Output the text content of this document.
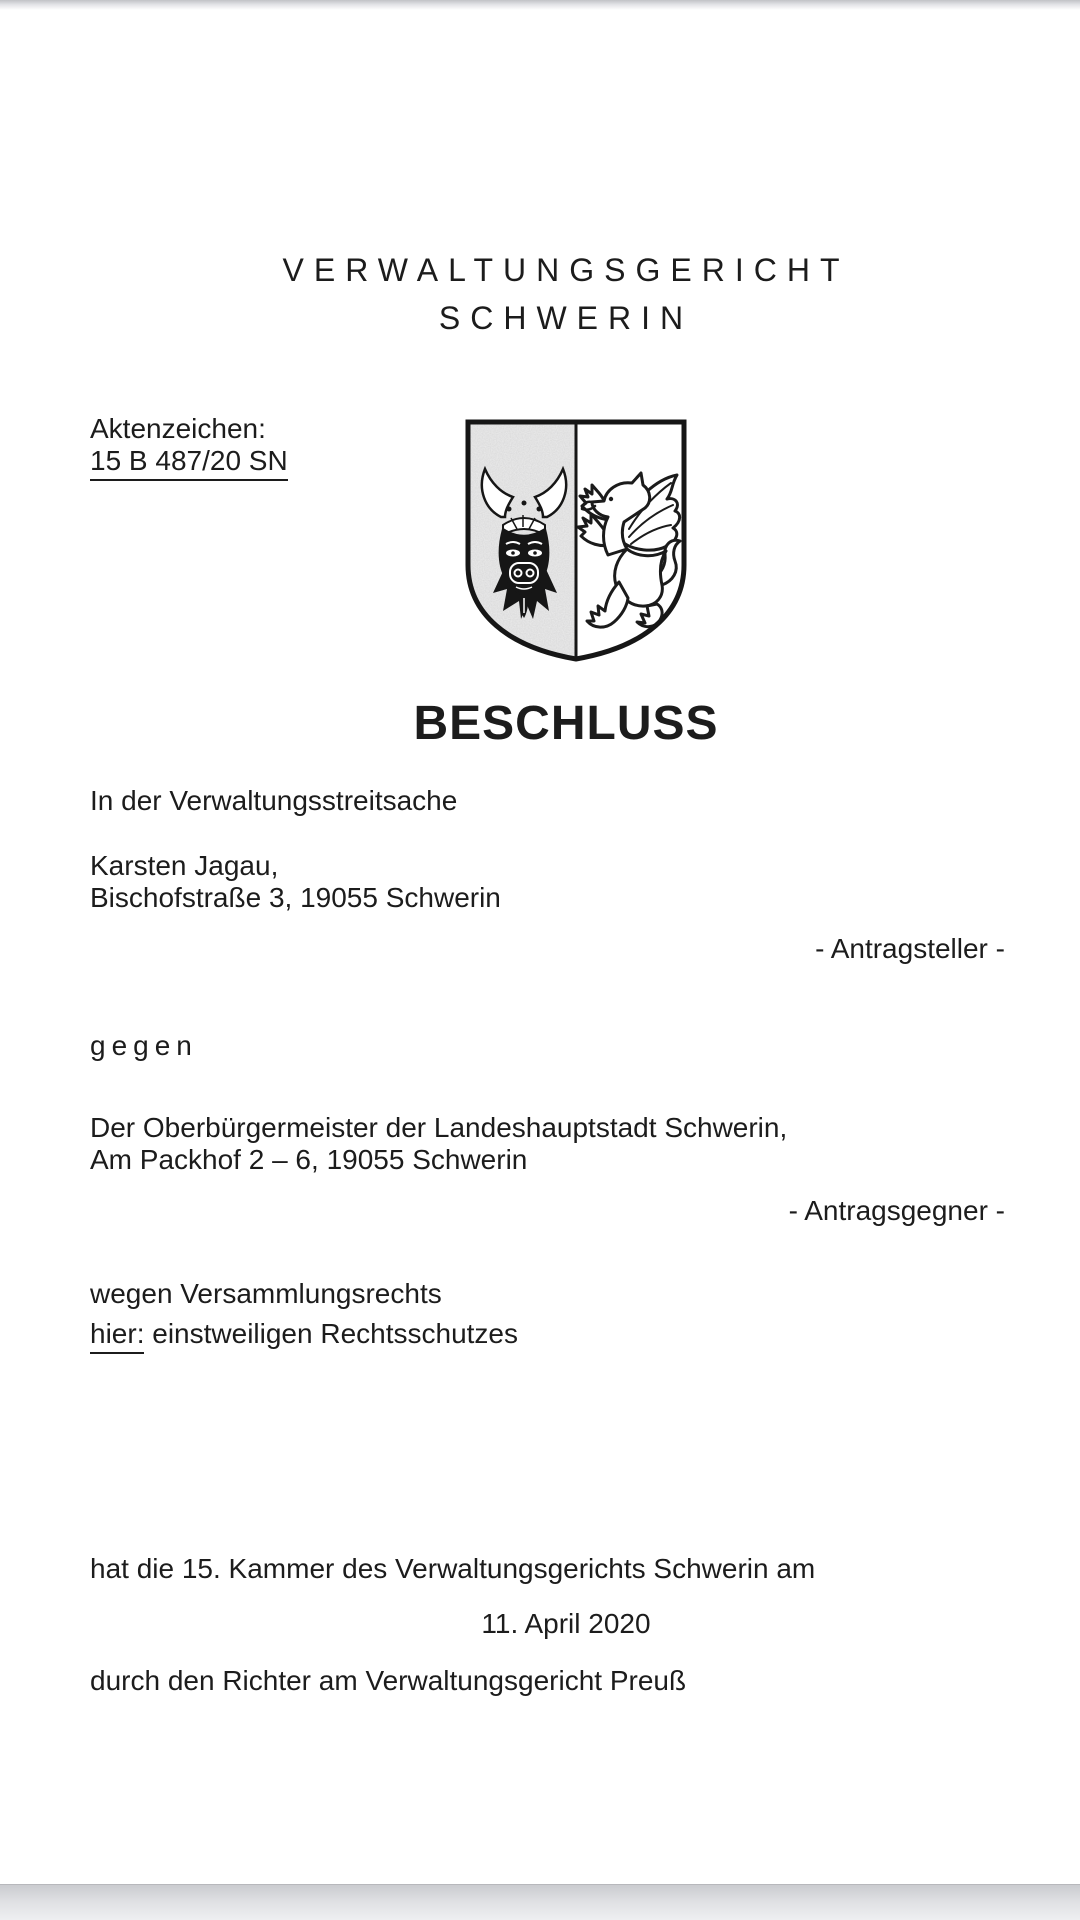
VERWALTUNGSGERICHT
SCHWERIN
Aktenzeichen:
15 B 487/20 SN
BESCHLUSS
In der Verwaltungsstreitsache
Karsten Jagau,
Bischofstraße 3, 19055 Schwerin
- Antragsteller -
gegen
Der Oberbürgermeister der Landeshauptstadt Schwerin,
Am Packhof 2 – 6, 19055 Schwerin
- Antragsgegner -
wegen Versammlungsrechts
hier: einstweiligen Rechtsschutzes
hat die 15. Kammer des Verwaltungsgerichts Schwerin am
11. April 2020
durch den Richter am Verwaltungsgericht Preuß
